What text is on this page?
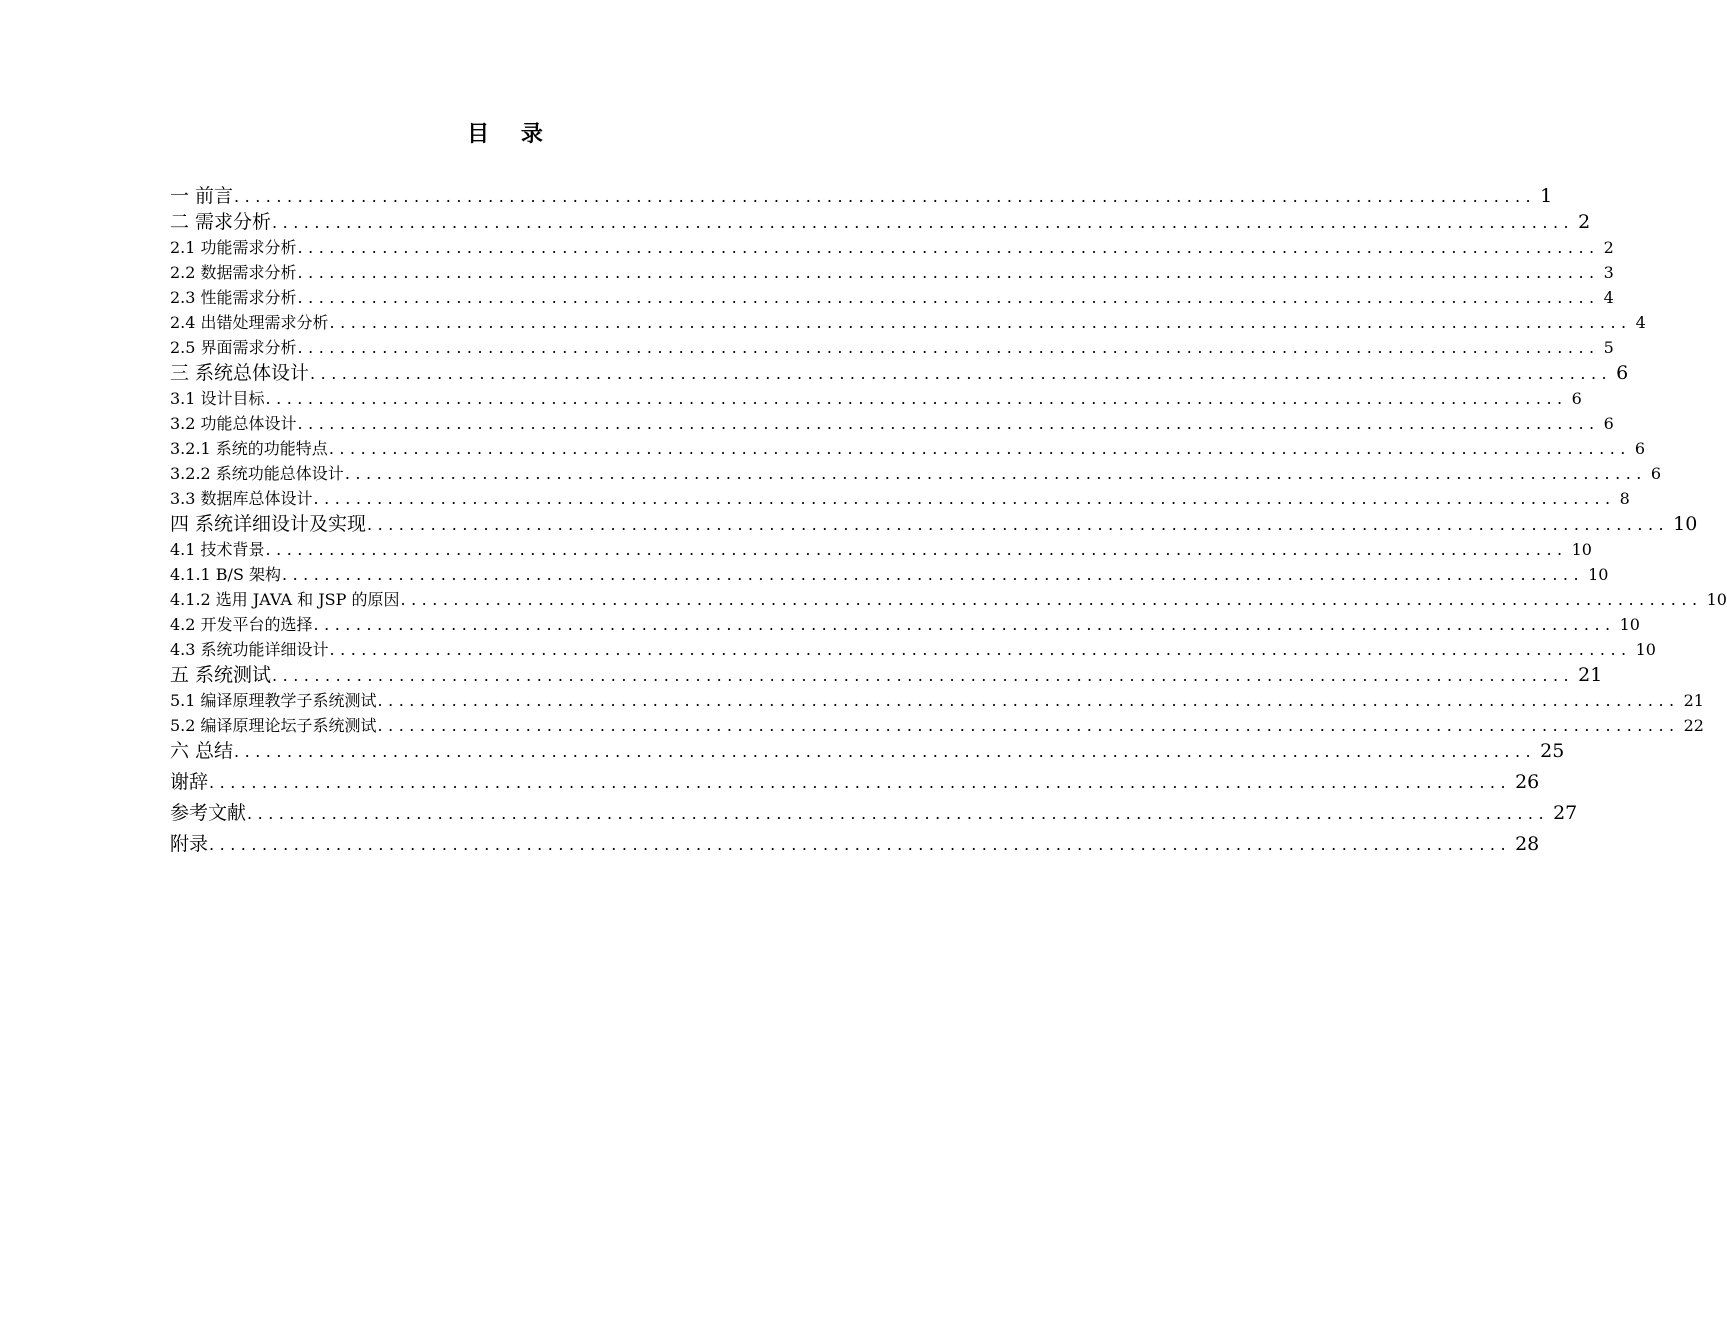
目 录
一 前言 ........................................................................................................................... 1
二 需求分析 ........................................................................................................................... 2
2.1 功能需求分析 ........................................................................................................................... 2
2.2 数据需求分析 ........................................................................................................................... 3
2.3 性能需求分析 ........................................................................................................................... 4
2.4 出错处理需求分析 ........................................................................................................................... 4
2.5 界面需求分析 ........................................................................................................................... 5
三 系统总体设计 ........................................................................................................................... 6
3.1 设计目标 ........................................................................................................................... 6
3.2 功能总体设计 ........................................................................................................................... 6
3.2.1 系统的功能特点 ........................................................................................................................... 6
3.2.2 系统功能总体设计 ........................................................................................................................... 6
3.3 数据库总体设计 ........................................................................................................................... 8
四 系统详细设计及实现 ........................................................................................................................... 10
4.1 技术背景 ........................................................................................................................... 10
4.1.1 B/S 架构 ........................................................................................................................... 10
4.1.2 选用 JAVA 和 JSP 的原因 ........................................................................................................................... 10
4.2 开发平台的选择 ........................................................................................................................... 10
4.3 系统功能详细设计 ........................................................................................................................... 10
五 系统测试 ........................................................................................................................... 21
5.1 编译原理教学子系统测试 ........................................................................................................................... 21
5.2 编译原理论坛子系统测试 ........................................................................................................................... 22
六 总结 ........................................................................................................................... 25
谢辞 ........................................................................................................................... 26
参考文献 ........................................................................................................................... 27
附录 ........................................................................................................................... 28
